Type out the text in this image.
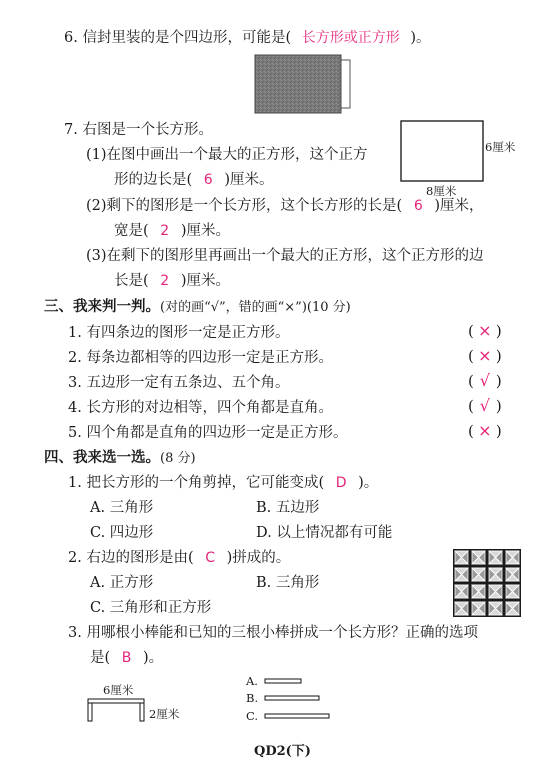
6. 信封里装的是个四边形，可能是( 长方形或正方形 )。
7. 右图是一个长方形。
6厘米
8厘米
(1)在图中画出一个最大的正方形，这个正方
形的边长是( 6 )厘米。
(2)剩下的图形是一个长方形，这个长方形的长是( 6 )厘米，
宽是( 2 )厘米。
(3)在剩下的图形里再画出一个最大的正方形，这个正方形的边
长是( 2 )厘米。
三、我来判一判。(对的画“√”，错的画“×”)(10 分)
1. 有四条边的图形一定是正方形。	( × )
2. 每条边都相等的四边形一定是正方形。	( × )
3. 五边形一定有五条边、五个角。	( √ )
4. 长方形的对边相等，四个角都是直角。	( √ )
5. 四个角都是直角的四边形一定是正方形。	( × )
四、我来选一选。(8 分)
1. 把长方形的一个角剪掉，它可能变成( D )。
A. 三角形	B. 五边形
C. 四边形	D. 以上情况都有可能
2. 右边的图形是由( C )拼成的。
A. 正方形	B. 三角形
C. 三角形和正方形
3. 用哪根小棒能和已知的三根小棒拼成一个长方形？正确的选项
是( B )。
6厘米
2厘米
A.
B.
C.
QD2(下)
